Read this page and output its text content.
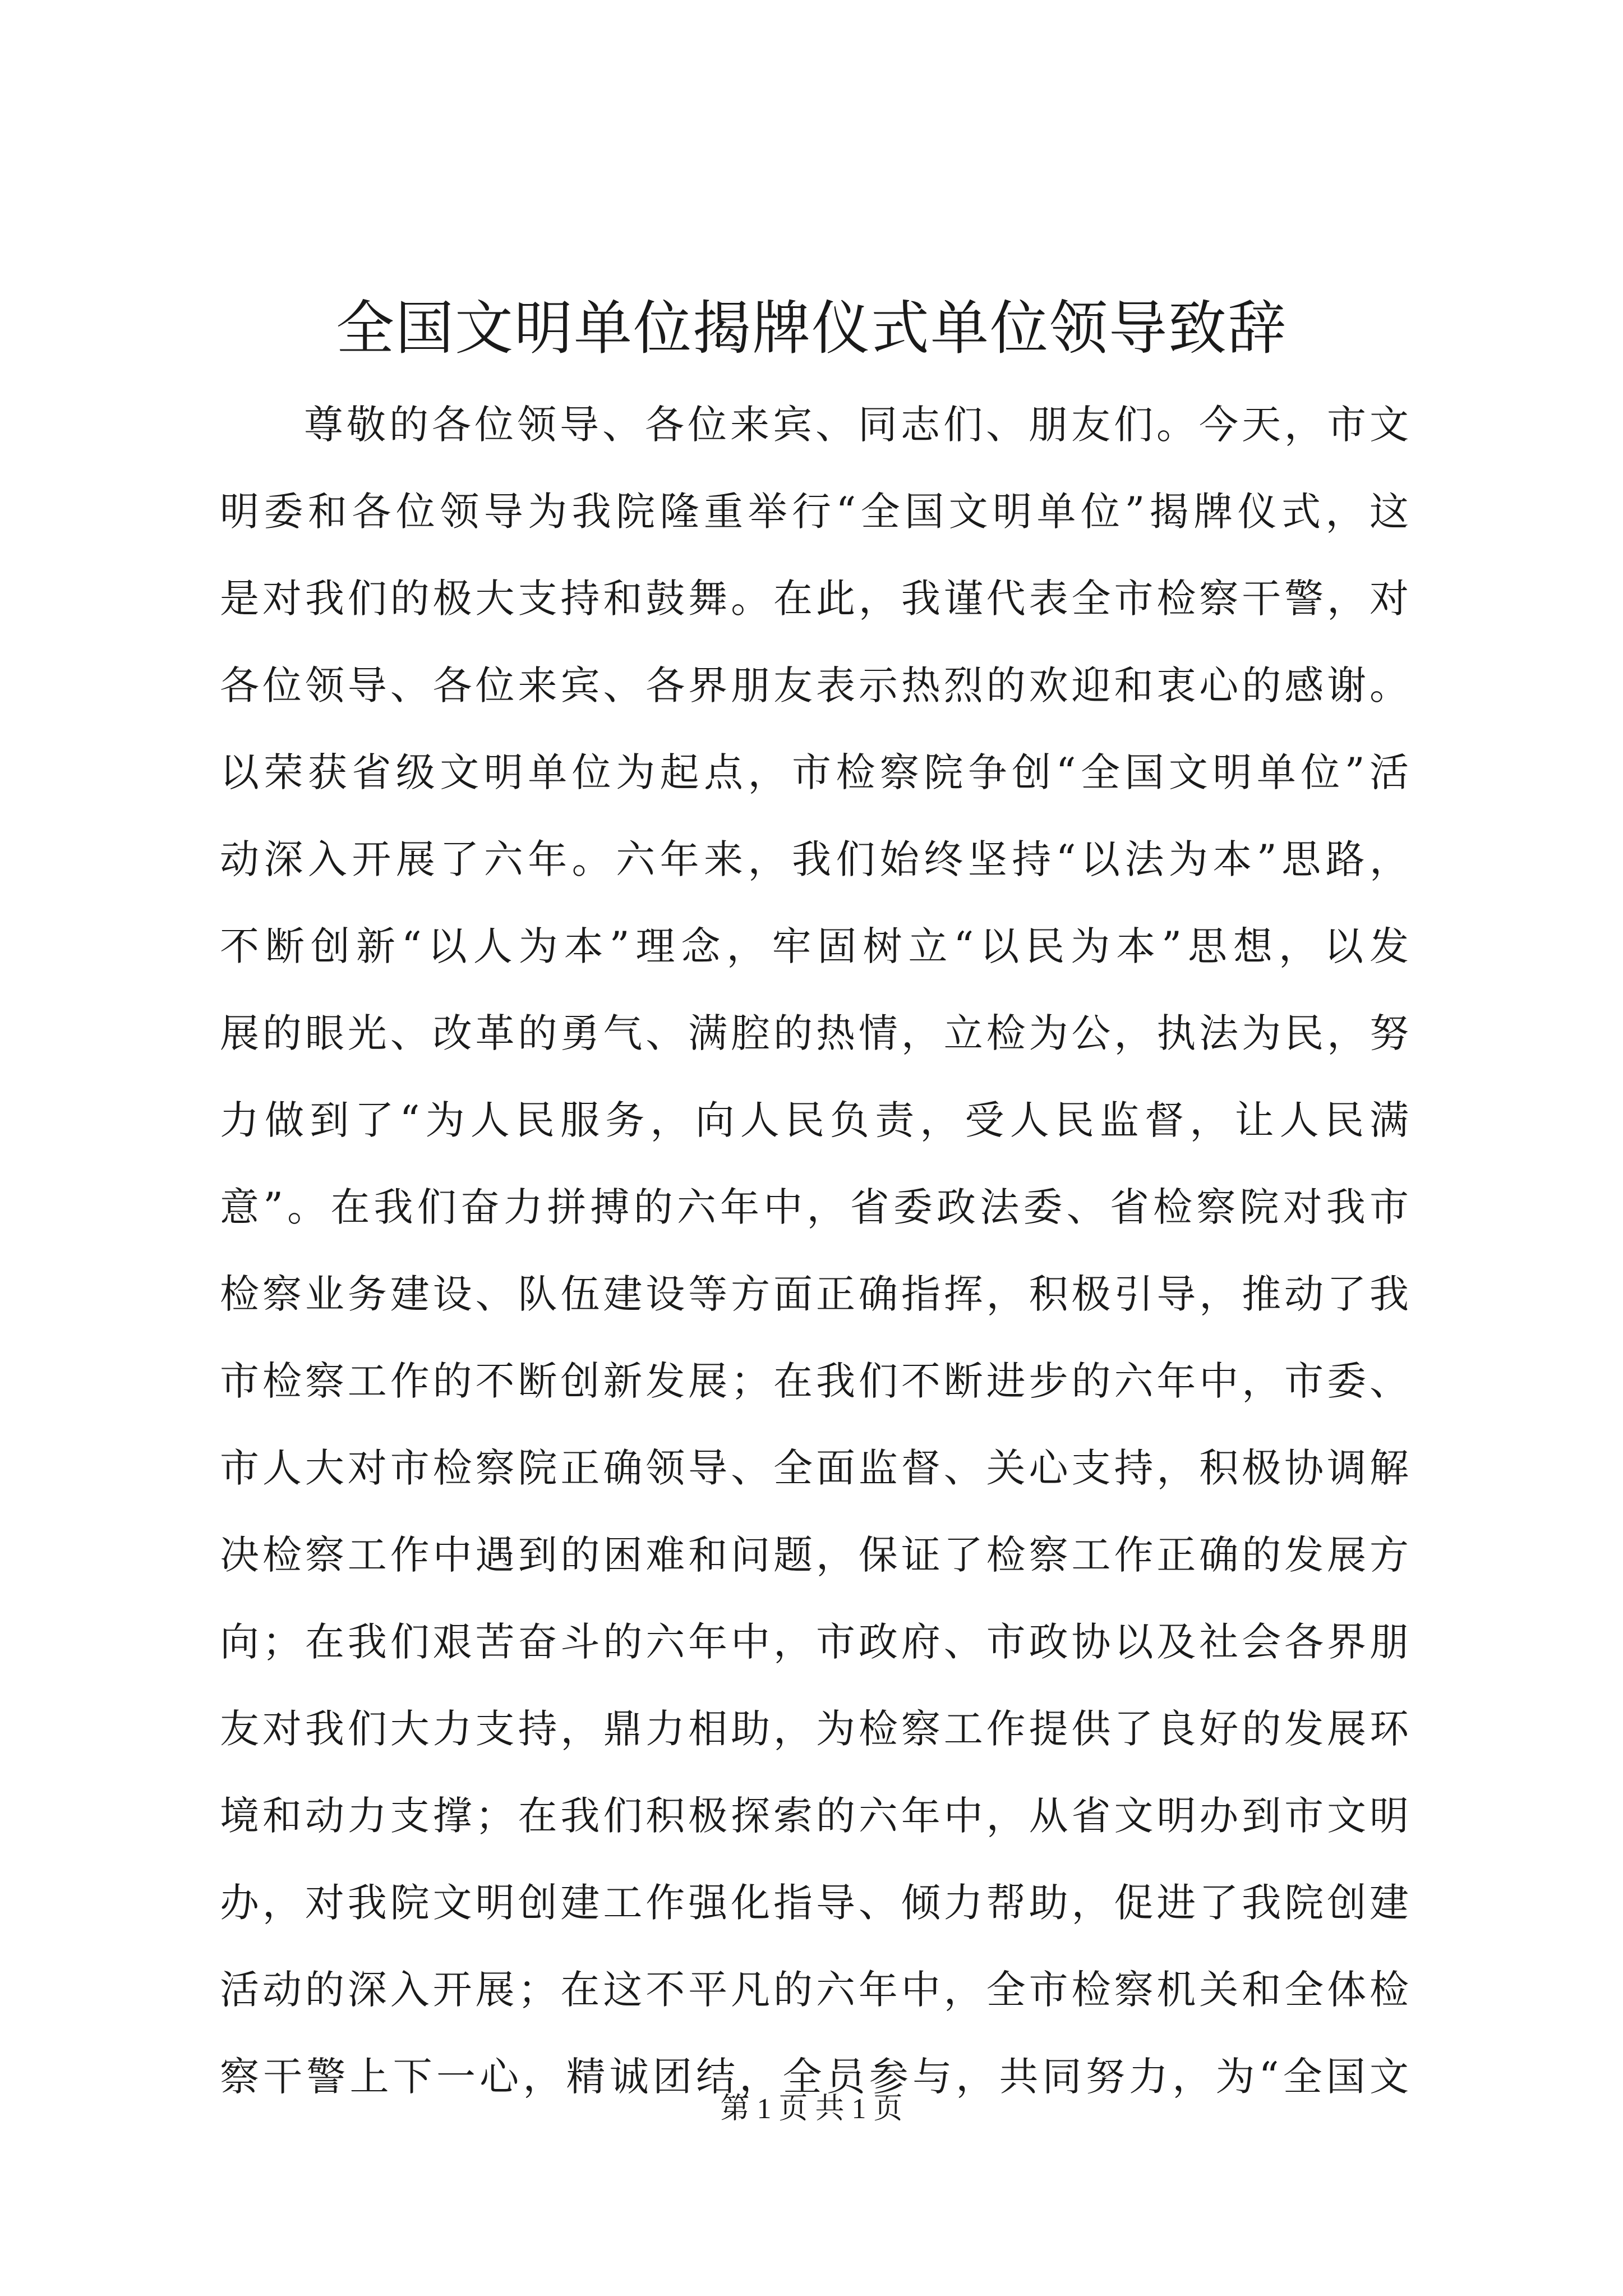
全国文明单位揭牌仪式单位领导致辞
尊敬的各位领导、各位来宾、同志们、朋友们。今天，市文
明委和各位领导为我院隆重举行“全国文明单位”揭牌仪式，这
是对我们的极大支持和鼓舞。在此，我谨代表全市检察干警，对
各位领导、各位来宾、各界朋友表示热烈的欢迎和衷心的感谢。
以荣获省级文明单位为起点，市检察院争创“全国文明单位”活
动深入开展了六年。六年来，我们始终坚持“以法为本”思路，
不断创新“以人为本”理念，牢固树立“以民为本”思想，以发
展的眼光、改革的勇气、满腔的热情，立检为公，执法为民，努
力做到了“为人民服务，向人民负责，受人民监督，让人民满
意”。在我们奋力拼搏的六年中，省委政法委、省检察院对我市
检察业务建设、队伍建设等方面正确指挥，积极引导，推动了我
市检察工作的不断创新发展；在我们不断进步的六年中，市委、
市人大对市检察院正确领导、全面监督、关心支持，积极协调解
决检察工作中遇到的困难和问题，保证了检察工作正确的发展方
向；在我们艰苦奋斗的六年中，市政府、市政协以及社会各界朋
友对我们大力支持，鼎力相助，为检察工作提供了良好的发展环
境和动力支撑；在我们积极探索的六年中，从省文明办到市文明
办，对我院文明创建工作强化指导、倾力帮助，促进了我院创建
活动的深入开展；在这不平凡的六年中，全市检察机关和全体检
察干警上下一心，精诚团结，全员参与，共同努力，为“全国文
第 1 页 共 1 页
